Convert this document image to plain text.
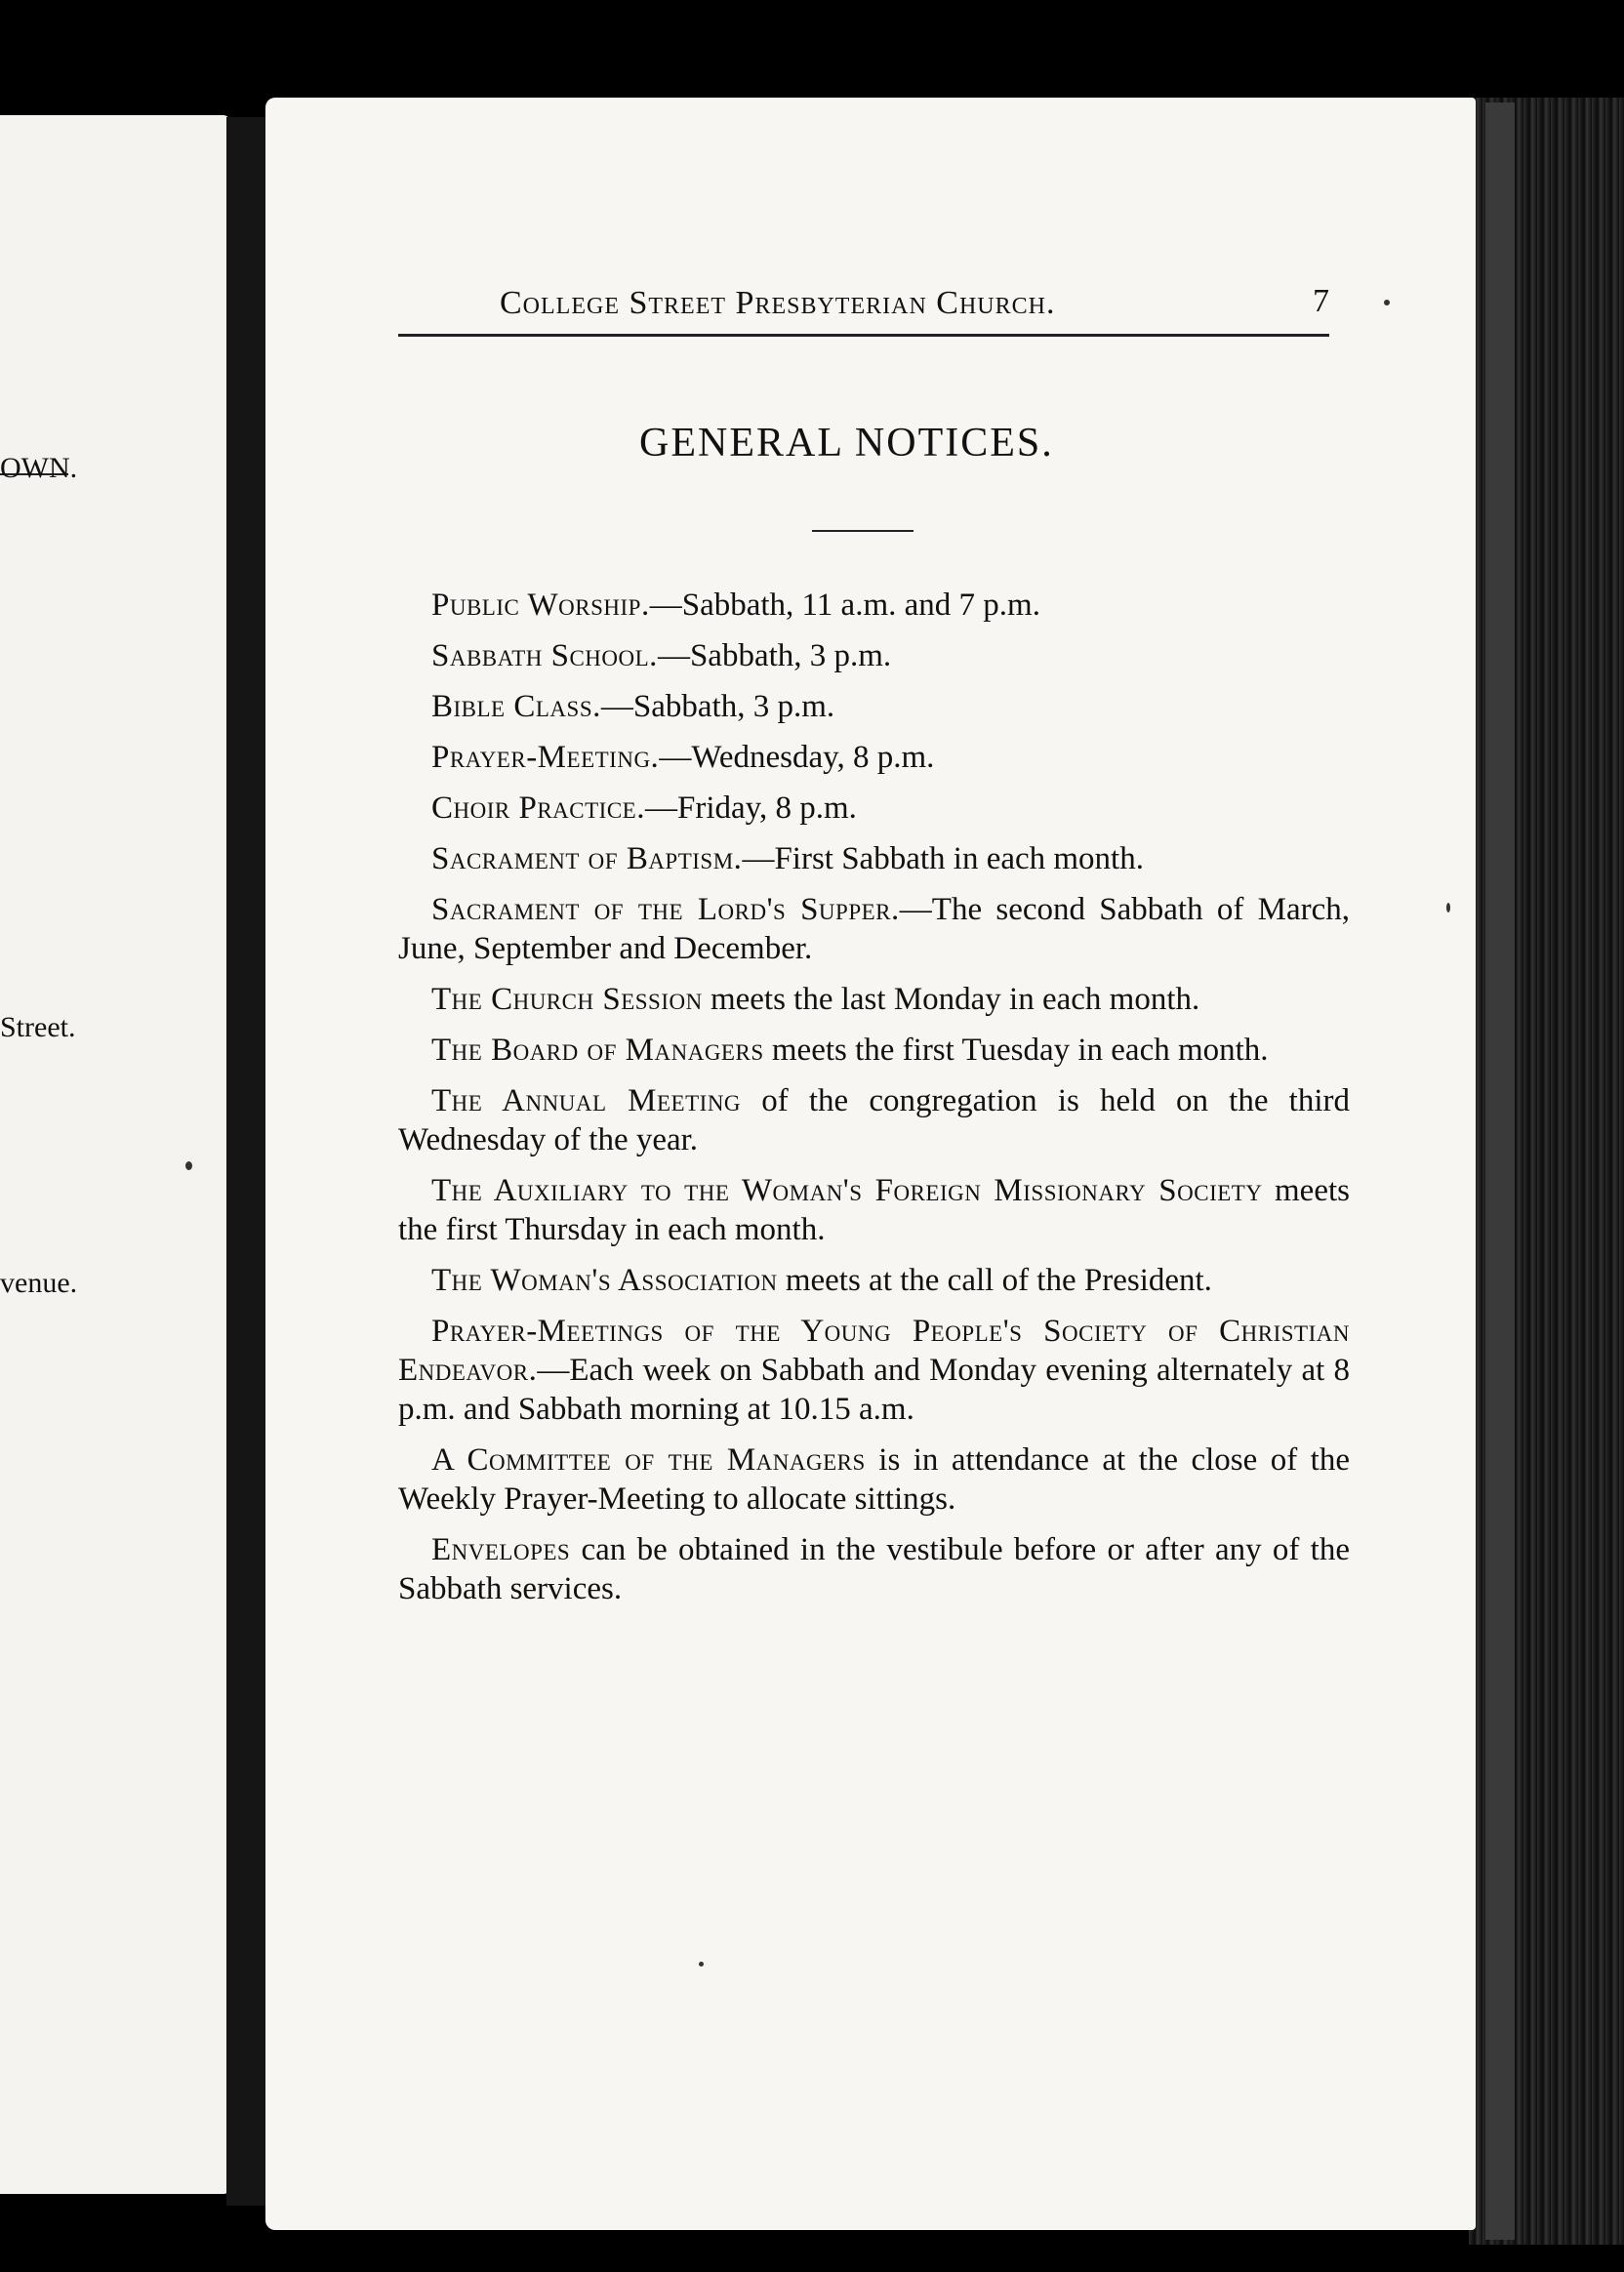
OWN.
Street.
venue.
College Street Presbyterian Church.	7
GENERAL NOTICES.

Public Worship.—Sabbath, 11 a.m. and 7 p.m.

Sabbath School.—Sabbath, 3 p.m.

Bible Class.—Sabbath, 3 p.m.

Prayer-Meeting.—Wednesday, 8 p.m.

Choir Practice.—Friday, 8 p.m.

Sacrament of Baptism.—First Sabbath in each month.

Sacrament of the Lord's Supper.—The second Sabbath of March, June, September and December.

The Church Session meets the last Monday in each month.

The Board of Managers meets the first Tuesday in each month.

The Annual Meeting of the congregation is held on the third Wednesday of the year.

The Auxiliary to the Woman's Foreign Missionary Society meets the first Thursday in each month.

The Woman's Association meets at the call of the President.

Prayer-Meetings of the Young People's Society of Christian Endeavor.—Each week on Sabbath and Monday evening alternately at 8 p.m. and Sabbath morning at 10.15 a.m.

A Committee of the Managers is in attendance at the close of the Weekly Prayer-Meeting to allocate sittings.

Envelopes can be obtained in the vestibule before or after any of the Sabbath services.
